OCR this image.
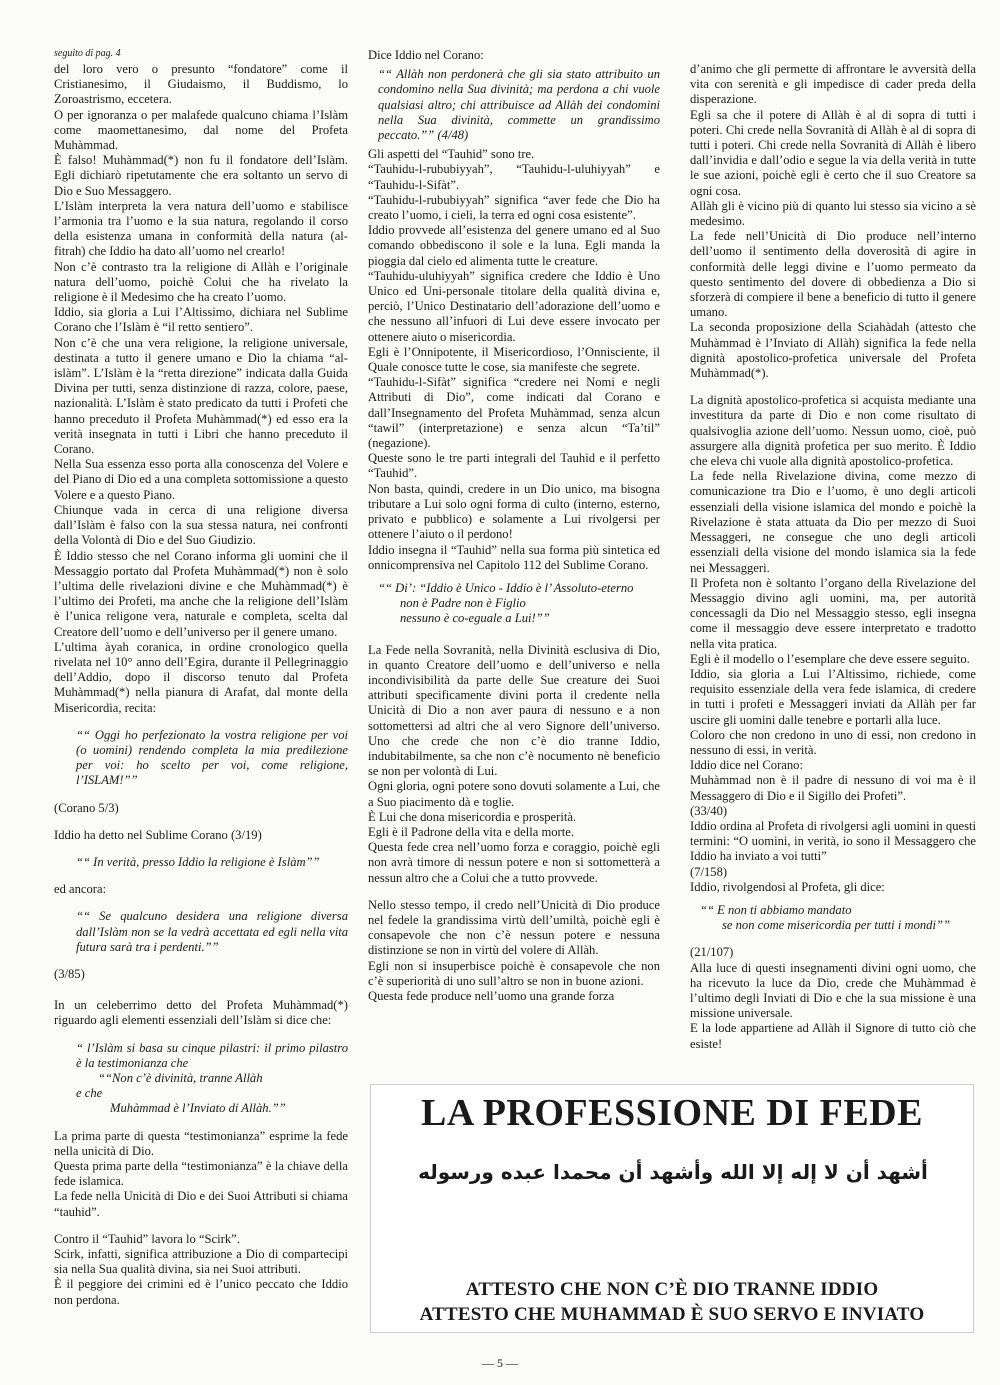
seguito di pag. 4

del loro vero o presunto “fondatore” come il Cristianesimo, il Giudaismo, il Buddismo, lo Zoroastrismo, eccetera.

O per ignoranza o per malafede qualcuno chiama l’Islàm come maomettanesimo, dal nome del Profeta Muhàmmad.

È falso! Muhàmmad(*) non fu il fondatore dell’Islàm. Egli dichiarò ripetutamente che era soltanto un servo di Dio e Suo Messaggero.

L’Islàm interpreta la vera natura dell’uomo e stabilisce l’armonia tra l’uomo e la sua natura, regolando il corso della esistenza umana in conformità della natura (al-fitrah) che Iddio ha dato all’uomo nel crearlo!

Non c’è contrasto tra la religione di Allàh e l’originale natura dell’uomo, poichè Colui che ha rivelato la religione è il Medesimo che ha creato l’uomo.

Iddio, sia gloria a Lui l’Altissimo, dichiara nel Sublime Corano che l’Islàm è “il retto sentiero”.

Non c’è che una vera religione, la religione universale, destinata a tutto il genere umano e Dio la chiama “al-islàm”. L’Islàm è la “retta direzione” indicata dalla Guida Divina per tutti, senza distinzione di razza, colore, paese, nazionalità. L’Islàm è stato predicato da tutti i Profeti che hanno preceduto il Profeta Muhàmmad(*) ed esso era la verità insegnata in tutti i Libri che hanno preceduto il Corano.

Nella Sua essenza esso porta alla conoscenza del Volere e del Piano di Dio ed a una completa sottomissione a questo Volere e a questo Piano.

Chiunque vada in cerca di una religione diversa dall’Islàm è falso con la sua stessa natura, nei confronti della Volontà di Dio e del Suo Giudizio.

È Iddio stesso che nel Corano informa gli uomini che il Messaggio portato dal Profeta Muhàmmad(*) non è solo l’ultima delle rivelazioni divine e che Muhàmmad(*) è l’ultimo dei Profeti, ma anche che la religione dell’Islàm è l’unica religone vera, naturale e completa, scelta dal Creatore dell’uomo e dell’universo per il genere umano.

L’ultima àyah coranica, in ordine cronologico quella rivelata nel 10° anno dell’Egira, durante il Pellegrinaggio dell’Addio, dopo il discorso tenuto dal Profeta Muhàmmad(*) nella pianura di Arafat, dal monte della Misericordia, recita:

““ Oggi ho perfezionato la vostra religione per voi (o uomini) rendendo completa la mia predilezione per voi: ho scelto per voi, come religione, l’ISLAM!””

(Corano 5/3)

Iddio ha detto nel Sublime Corano (3/19)

““ In verità, presso Iddio la religione è Islàm””

ed ancora:

““ Se qualcuno desidera una religione diversa dall’Islàm non se la vedrà accettata ed egli nella vita futura sarà tra i perdenti.””

(3/85)

In un celeberrimo detto del Profeta Muhàmmad(*) riguardo agli elementi essenziali dell’Islàm si dice che:

“ l’Islàm si basa su cinque pilastri: il primo pilastro è la testimonianza che
““Non c’è divinità, tranne Allàh
e che
Muhàmmad è l’Inviato di Allàh.””

La prima parte di questa “testimonianza” esprime la fede nella unicità di Dio.

Questa prima parte della “testimonianza” è la chiave della fede islamica.

La fede nella Unicità di Dio e dei Suoi Attributi si chiama “tauhid”.

Contro il “Tauhid” lavora lo “Scirk”.

Scirk, infatti, significa attribuzione a Dio di compartecipi sia nella Sua qualità divina, sia nei Suoi attributi.

È il peggiore dei crimini ed è l’unico peccato che Iddio non perdona.

Dice Iddio nel Corano:

““ Allàh non perdonerà che gli sia stato attribuito un condomino nella Sua divinità; ma perdona a chi vuole qualsiasi altro; chi attribuisce ad Allàh dei condomini nella Sua divinità, commette un grandissimo peccato.”” (4/48)

Gli aspetti del “Tauhid” sono tre.

“Tauhidu-l-rububiyyah”, “Tauhidu-l-uluhiyyah” e “Tauhidu-l-Sifàt”.

“Tauhidu-l-rububiyyah” significa “aver fede che Dio ha creato l’uomo, i cieli, la terra ed ogni cosa esistente”.

Iddio provvede all’esistenza del genere umano ed al Suo comando obbediscono il sole e la luna. Egli manda la pioggia dal cielo ed alimenta tutte le creature.

“Tauhidu-uluhiyyah” significa credere che Iddio è Uno Unico ed Uni-personale titolare della qualità divina e, perciò, l’Unico Destinatario dell’adorazione dell’uomo e che nessuno all’infuori di Lui deve essere invocato per ottenere aiuto o misericordia.

Egli è l’Onnipotente, il Misericordioso, l’Onnisciente, il Quale conosce tutte le cose, sia manifeste che segrete.

“Tauhidu-l-Sifàt” significa “credere nei Nomi e negli Attributi di Dio”, come indicati dal Corano e dall’Insegnamento del Profeta Muhàmmad, senza alcun “tawil” (interpretazione) e senza alcun “Ta’til” (negazione).

Queste sono le tre parti integrali del Tauhid e il perfetto “Tauhid”.

Non basta, quindi, credere in un Dio unico, ma bisogna tributare a Lui solo ogni forma di culto (interno, esterno, privato e pubblico) e solamente a Lui rivolgersi per ottenere l’aiuto o il perdono!

Iddio insegna il “Tauhid” nella sua forma più sintetica ed onnicomprensiva nel Capitolo 112 del Sublime Corano.

““ Di’: “Iddio è Unico - Iddio è l’ Assoluto-eterno
non è Padre non è Figlio
nessuno è co-eguale a Lui!””

La Fede nella Sovranità, nella Divinità esclusiva di Dio, in quanto Creatore dell’uomo e dell’universo e nella incondivisibilità da parte delle Sue creature dei Suoi attributi specificamente divini porta il credente nella Unicità di Dio a non aver paura di nessuno e a non sottomettersi ad altri che al vero Signore dell’universo. Uno che crede che non c’è dio tranne Iddio, indubitabilmente, sa che non c’è nocumento nè beneficio se non per volontà di Lui.

Ogni gloria, ogni potere sono dovuti solamente a Lui, che a Suo piacimento dà e toglie.

È Lui che dona misericordia e prosperità.

Egli è il Padrone della vita e della morte.

Questa fede crea nell’uomo forza e coraggio, poichè egli non avrà timore di nessun potere e non si sottometterà a nessun altro che a Colui che a tutto provvede.

Nello stesso tempo, il credo nell’Unicità di Dio produce nel fedele la grandissima virtù dell’umiltà, poichè egli è consapevole che non c’è nessun potere e nessuna distinzione se non in virtù del volere di Allàh.

Egli non si insuperbisce poichè è consapevole che non c’è superiorità di uno sull’altro se non in buone azioni.

Questa fede produce nell’uomo una grande forza

d’animo che gli permette di affrontare le avversità della vita con serenità e gli impedisce di cader preda della disperazione.

Egli sa che il potere di Allàh è al di sopra di tutti i poteri. Chi crede nella Sovranità di Allàh è al di sopra di tutti i poteri. Chi crede nella Sovranità di Allàh è libero dall’invidia e dall’odio e segue la via della verità in tutte le sue azioni, poichè egli è certo che il suo Creatore sa ogni cosa.

Allàh gli è vicino più di quanto lui stesso sia vicino a sè medesimo.

La fede nell’Unicità di Dio produce nell’interno dell’uomo il sentimento della doverosità di agire in conformità delle leggi divine e l’uomo permeato da questo sentimento del dovere di obbedienza a Dio si sforzerà di compiere il bene a beneficio di tutto il genere umano.

La seconda proposizione della Sciahàdah (attesto che Muhàmmad è l’Inviato di Allàh) significa la fede nella dignità apostolico-profetica universale del Profeta Muhàmmad(*).

La dignità apostolico-profetica si acquista mediante una investitura da parte di Dio e non come risultato di qualsivoglia azione dell’uomo. Nessun uomo, cioè, può assurgere alla dignità profetica per suo merito. È Iddio che eleva chi vuole alla dignità apostolico-profetica.

La fede nella Rivelazione divina, come mezzo di comunicazione tra Dio e l’uomo, è uno degli articoli essenziali della visione islamica del mondo e poichè la Rivelazione è stata attuata da Dio per mezzo di Suoi Messaggeri, ne consegue che uno degli articoli essenziali della visione del mondo islamica sia la fede nei Messaggeri.

Il Profeta non è soltanto l’organo della Rivelazione del Messaggio divino agli uomini, ma, per autorità concessagli da Dio nel Messaggio stesso, egli insegna come il messaggio deve essere interpretato e tradotto nella vita pratica.

Egli è il modello o l’esemplare che deve essere seguito.

Iddio, sia gloria a Lui l’Altissimo, richiede, come requisito essenziale della vera fede islamica, di credere in tutti i profeti e Messaggeri inviati da Allàh per far uscire gli uomini dalle tenebre e portarli alla luce.

Coloro che non credono in uno di essi, non credono in nessuno di essi, in verità.

Iddio dice nel Corano:

Muhàmmad non è il padre di nessuno di voi ma è il Messaggero di Dio e il Sigillo dei Profeti”.

(33/40)

Iddio ordina al Profeta di rivolgersi agli uomini in questi termini: “O uomini, in verità, io sono il Messaggero che Iddio ha inviato a voi tutti”

(7/158)

Iddio, rivolgendosi al Profeta, gli dice:

““ E non ti abbiamo mandato
se non come misericordia per tutti i mondi””

(21/107)

Alla luce di questi insegnamenti divini ogni uomo, che ha ricevuto la luce da Dio, crede che Muhàmmad è l’ultimo degli Inviati di Dio e che la sua missione è una missione universale.

E la lode appartiene ad Allàh il Signore di tutto ciò che esiste!

LA PROFESSIONE DI FEDE
أشهد أن لا إله إلا الله وأشهد أن محمدا عبده ورسوله
ATTESTO CHE NON C’È DIO TRANNE IDDIO
ATTESTO CHE MUHAMMAD È SUO SERVO E INVIATO
— 5 —
